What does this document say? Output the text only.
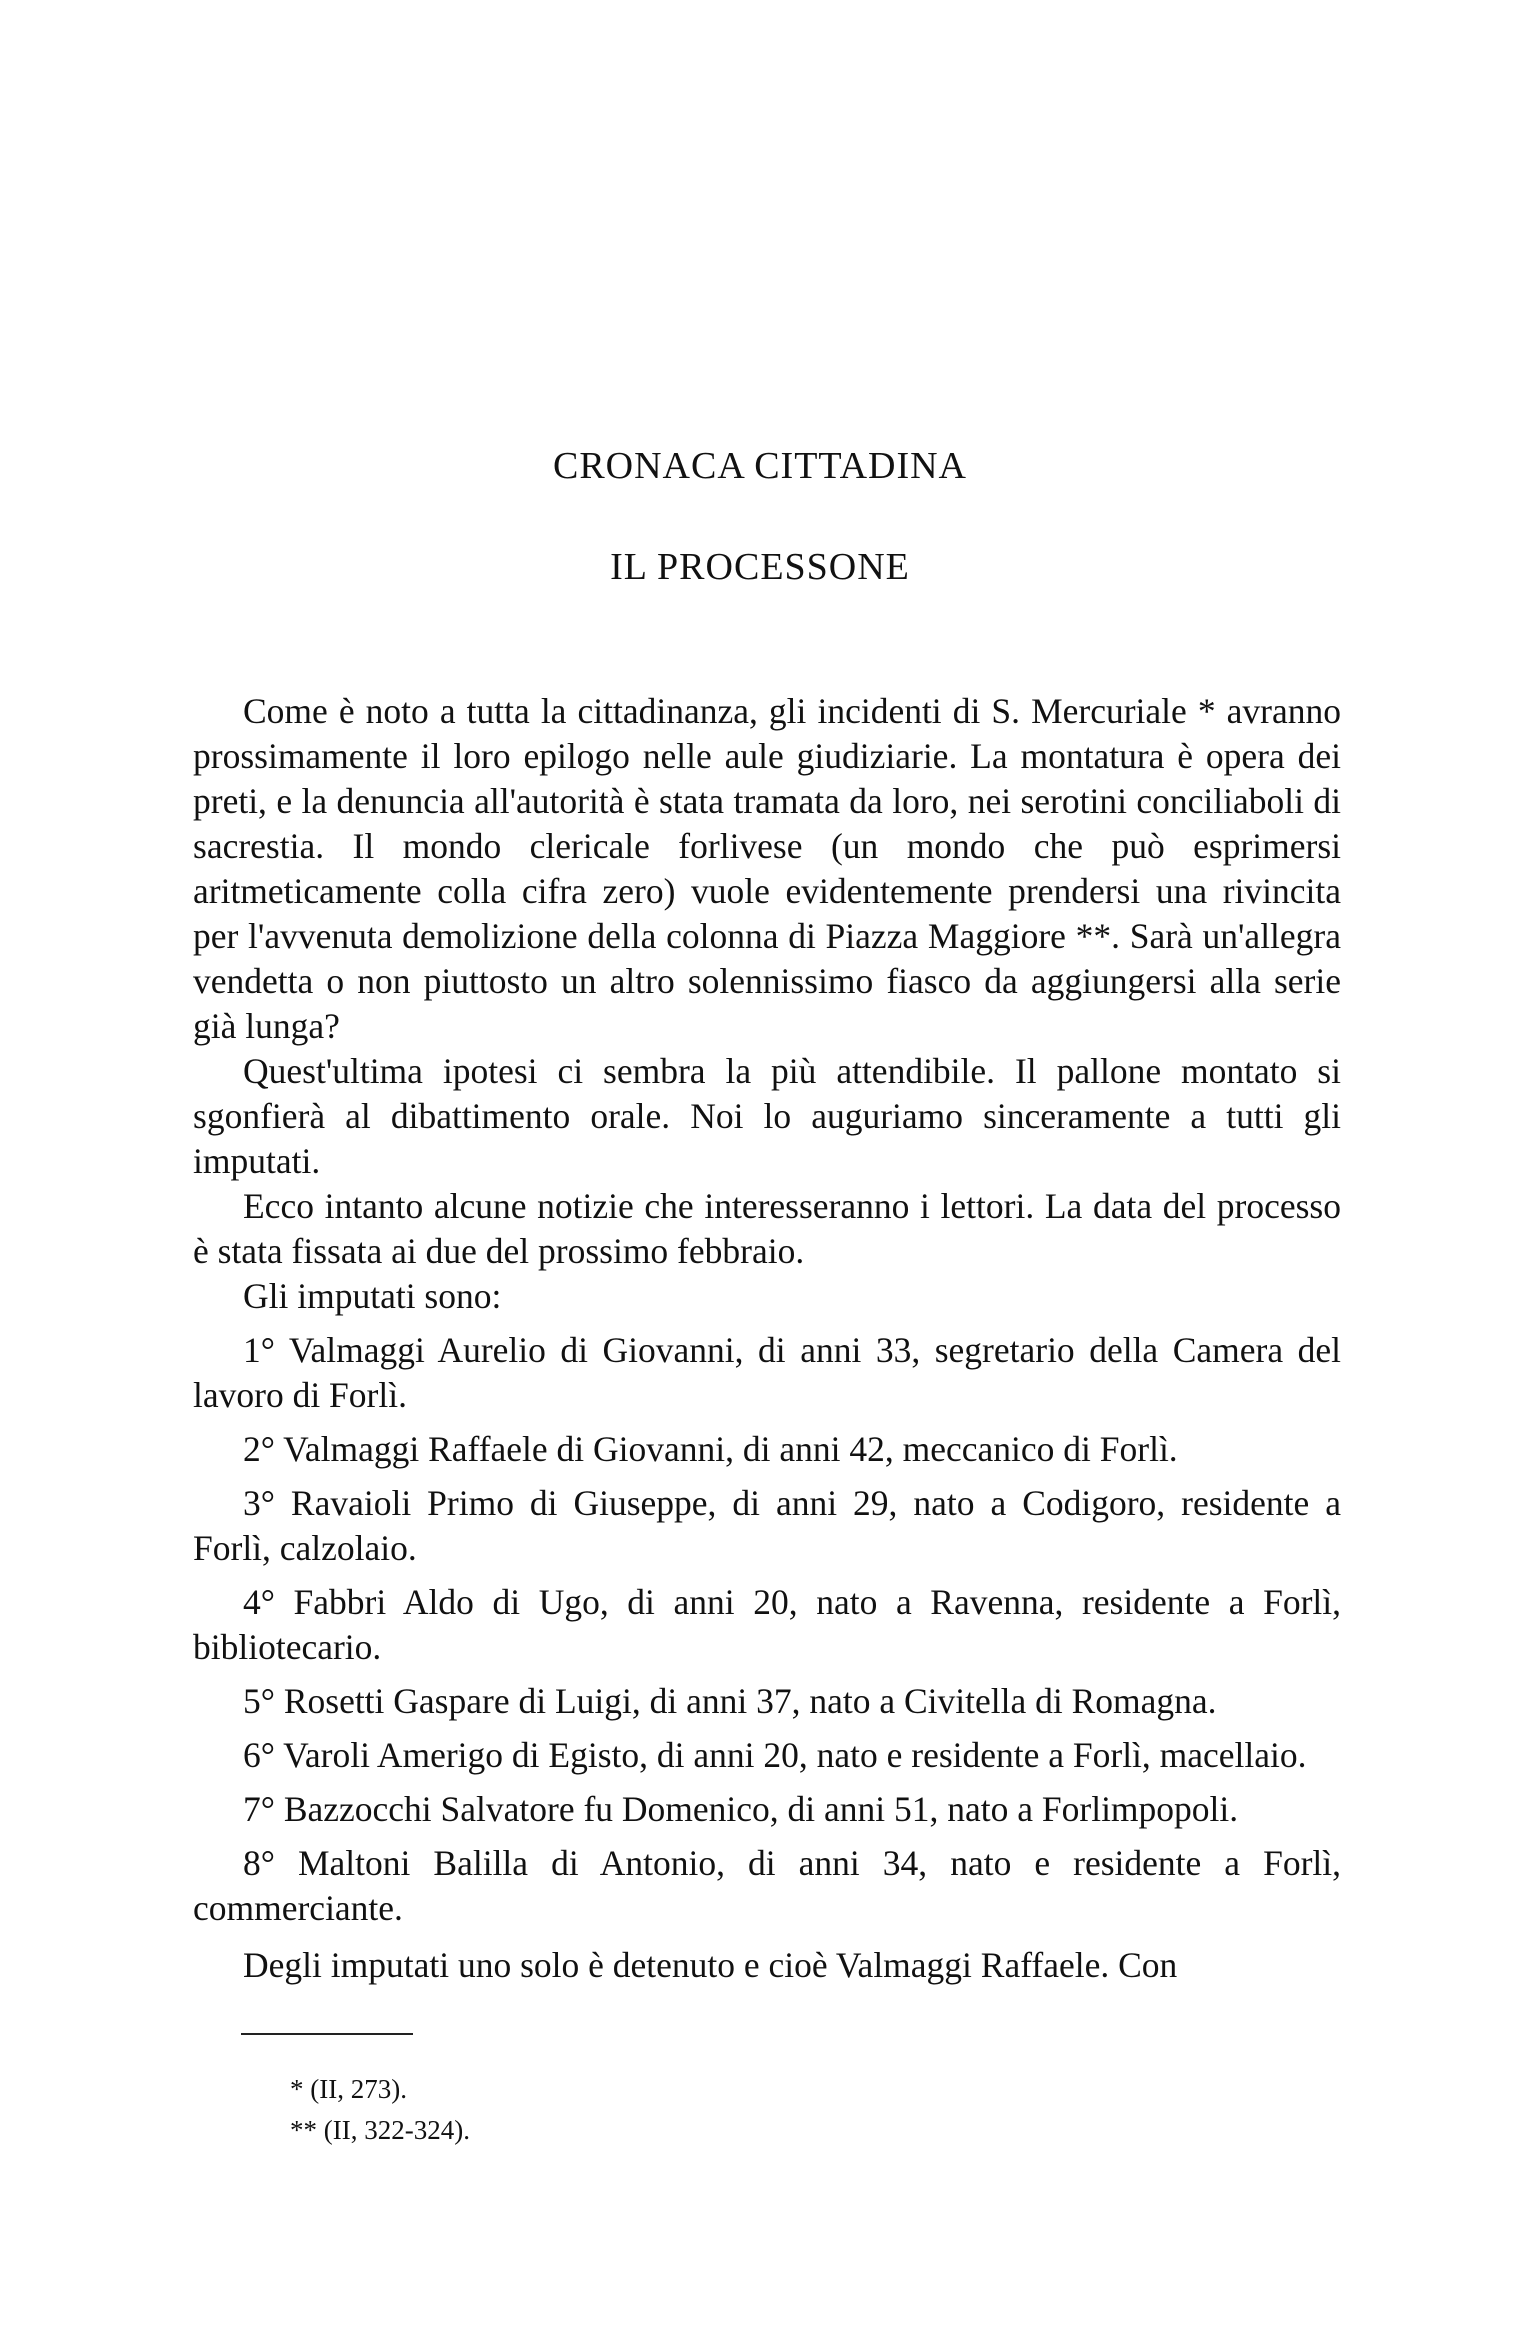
CRONACA CITTADINA
IL PROCESSONE

Come è noto a tutta la cittadinanza, gli incidenti di S. Mercuriale * avranno prossimamente il loro epilogo nelle aule giudiziarie. La montatura è opera dei preti, e la denuncia all'autorità è stata tramata da loro, nei serotini conciliaboli di sacrestia. Il mondo clericale forlivese (un mondo che può esprimersi aritmeticamente colla cifra zero) vuole evidentemente prendersi una rivincita per l'avvenuta demolizione della colonna di Piazza Maggiore **. Sarà un'allegra vendetta o non piuttosto un altro solennissimo fiasco da aggiungersi alla serie già lunga?

Quest'ultima ipotesi ci sembra la più attendibile. Il pallone montato si sgonfierà al dibattimento orale. Noi lo auguriamo sinceramente a tutti gli imputati.

Ecco intanto alcune notizie che interesseranno i lettori. La data del processo è stata fissata ai due del prossimo febbraio.

Gli imputati sono:

1° Valmaggi Aurelio di Giovanni, di anni 33, segretario della Camera del lavoro di Forlì.

2° Valmaggi Raffaele di Giovanni, di anni 42, meccanico di Forlì.

3° Ravaioli Primo di Giuseppe, di anni 29, nato a Codigoro, residente a Forlì, calzolaio.

4° Fabbri Aldo di Ugo, di anni 20, nato a Ravenna, residente a Forlì, bibliotecario.

5° Rosetti Gaspare di Luigi, di anni 37, nato a Civitella di Romagna.

6° Varoli Amerigo di Egisto, di anni 20, nato e residente a Forlì, macellaio.

7° Bazzocchi Salvatore fu Domenico, di anni 51, nato a Forlimpopoli.

8° Maltoni Balilla di Antonio, di anni 34, nato e residente a Forlì, commerciante.

Degli imputati uno solo è detenuto e cioè Valmaggi Raffaele. Con

* (II, 273).
** (II, 322-324).
